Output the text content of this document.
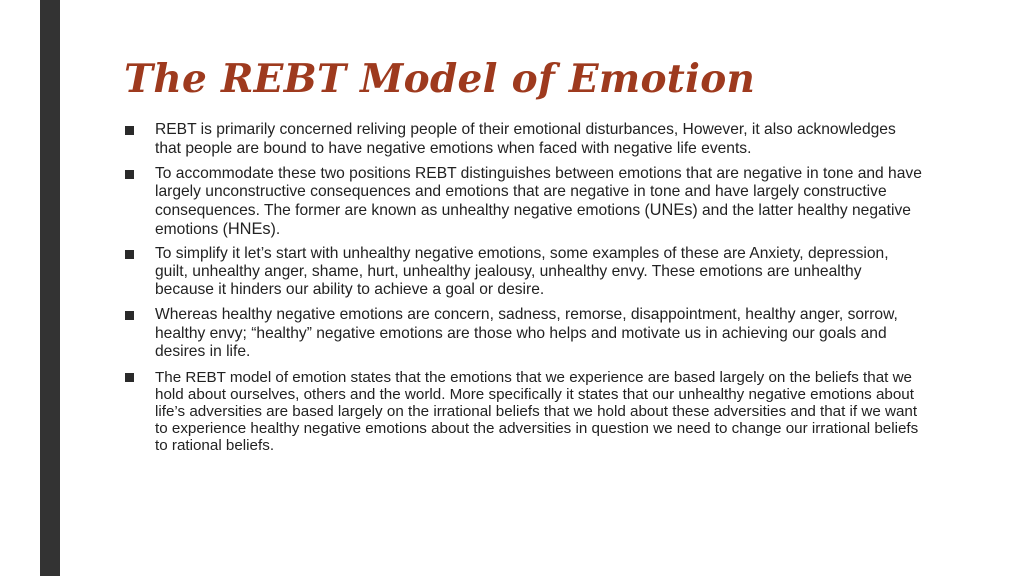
The REBT Model of Emotion
REBT is primarily concerned reliving people of their emotional disturbances, However, it also acknowledges that people are bound to have negative emotions when faced with negative life events.
To accommodate these two positions REBT distinguishes between emotions that are negative in tone and have largely unconstructive consequences and emotions that are negative in tone and have largely constructive consequences. The former are known as unhealthy negative emotions (UNEs) and the latter healthy negative emotions (HNEs).
To simplify it let’s start with unhealthy negative emotions, some examples of these are Anxiety, depression, guilt, unhealthy anger, shame, hurt, unhealthy jealousy, unhealthy envy. These emotions are unhealthy because it hinders our ability to achieve a goal or desire.
Whereas healthy negative emotions are concern, sadness, remorse, disappointment, healthy anger, sorrow, healthy envy; “healthy” negative emotions are those who helps and motivate us in achieving our goals and desires in life.
The REBT model of emotion states that the emotions that we experience are based largely on the beliefs that we hold about ourselves, others and the world. More specifically it states that our unhealthy negative emotions about life’s adversities are based largely on the irrational beliefs that we hold about these adversities and that if we want to experience healthy negative emotions about the adversities in question we need to change our irrational beliefs to rational beliefs.
